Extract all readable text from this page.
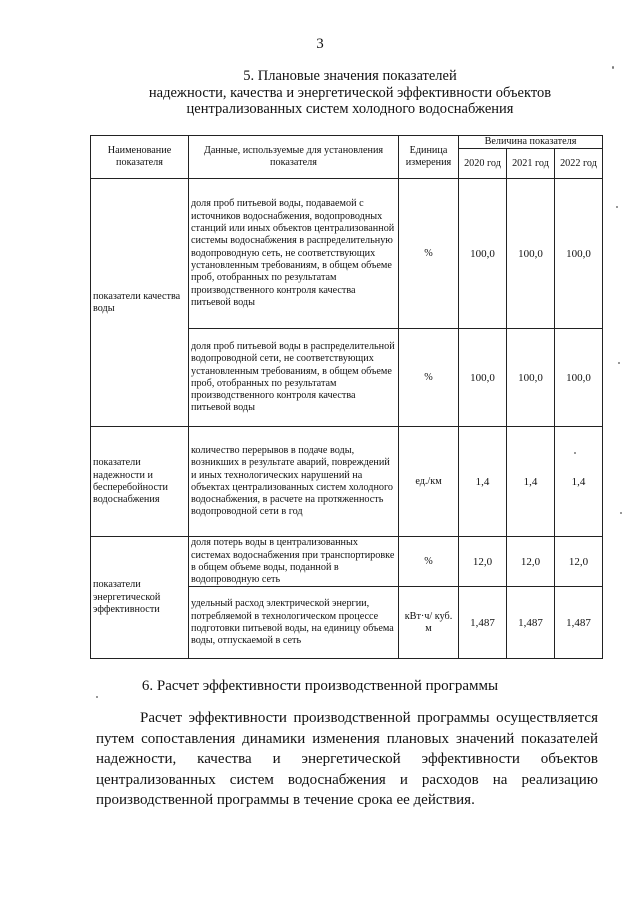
3
5. Плановые значения показателей
надежности, качества и энергетической эффективности объектов
централизованных систем холодного водоснабжения
Наименование показателя	Данные, используемые для установления показателя	Единица измерения	Величина показателя		
			2020 год	2021 год	2022 год
показатели качества воды	доля проб питьевой воды, подаваемой с источников водоснабжения, водопроводных станций или иных объектов централизованной системы водоснабжения в распределительную водопроводную сеть, не соответствующих установленным требованиям, в общем объеме проб, отобранных по результатам производственного контроля качества питьевой воды	%	100,0	100,0	100,0
	доля проб питьевой воды в распределительной водопроводной сети, не соответствующих установленным требованиям, в общем объеме проб, отобранных по результатам производственного контроля качества питьевой воды	%	100,0	100,0	100,0
показатели надежности и бесперебойности водоснабжения	количество перерывов в подаче воды, возникших в результате аварий, повреждений и иных технологических нарушений на объектах централизованных систем холодного водоснабжения, в расчете на протяженность водопроводной сети в год	ед./км	1,4	1,4	1,4
показатели энергетической эффективности	доля потерь воды в централизованных системах водоснабжения при транспортировке в общем объеме воды, поданной в водопроводную сеть	%	12,0	12,0	12,0
	удельный расход электрической энергии, потребляемой в технологическом процессе подготовки питьевой воды, на единицу объема воды, отпускаемой в сеть	кВт·ч/ куб. м	1,487	1,487	1,487
6. Расчет эффективности производственной программы
Расчет эффективности производственной программы осуществляется путем сопоставления динамики изменения плановых значений показателей надежности, качества и энергетической эффективности объектов централизованных систем водоснабжения и расходов на реализацию производственной программы в течение срока ее действия.
